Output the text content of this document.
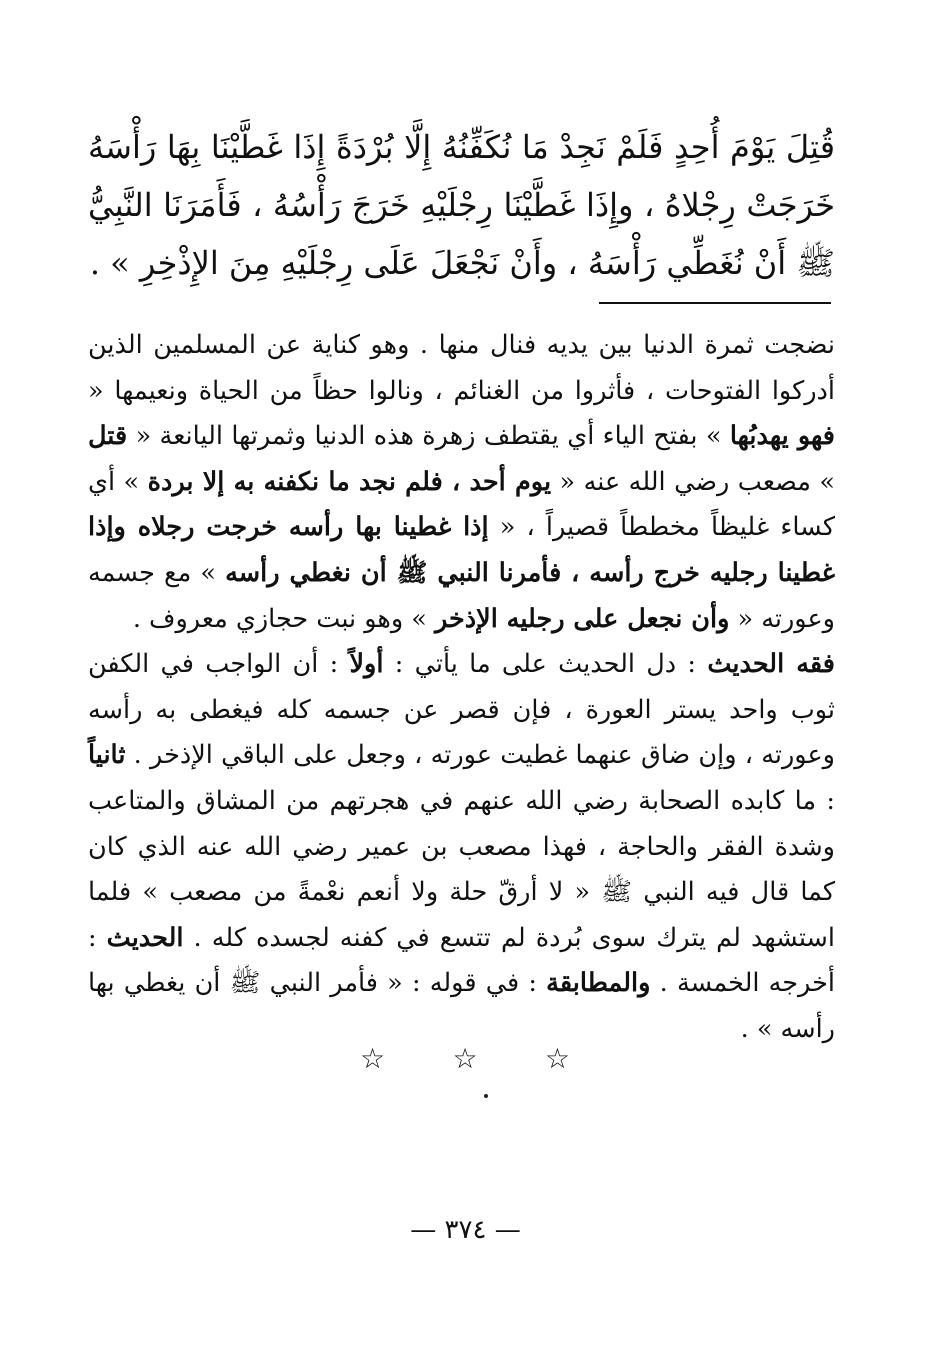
قُتِلَ يَوْمَ أُحِدٍ فَلَمْ نَجِدْ مَا نُكَفِّنُهُ إِلَّا بُرْدَةً إِذَا غَطَّيْنَا بِهَا رَأْسَهُ خَرَجَتْ رِجْلاهُ ، وإِذَا غَطَّيْنَا رِجْلَيْهِ خَرَجَ رَأْسُهُ ، فَأَمَرَنَا النَّبِيُّ ﷺ أَنْ نُغَطِّي رَأْسَهُ ، وأَنْ نَجْعَلَ عَلَى رِجْلَيْهِ مِنَ الإِذْخِرِ » .

نضجت ثمرة الدنيا بين يديه فنال منها . وهو كناية عن المسلمين الذين أدركوا الفتوحات ، فأثروا من الغنائم ، ونالوا حظاً من الحياة ونعيمها « فهو يهدبُها » بفتح الياء أي يقتطف زهرة هذه الدنيا وثمرتها اليانعة « قتل » مصعب رضي الله عنه « يوم أحد ، فلم نجد ما نكفنه به إلا بردة » أي كساء غليظاً مخططاً قصيراً ، « إذا غطينا بها رأسه خرجت رجلاه وإذا غطينا رجليه خرج رأسه ، فأمرنا النبي ﷺ أن نغطي رأسه » مع جسمه وعورته « وأن نجعل على رجليه الإذخر » وهو نبت حجازي معروف .

فقه الحديث : دل الحديث على ما يأتي : أولاً : أن الواجب في الكفن ثوب واحد يستر العورة ، فإن قصر عن جسمه كله فيغطى به رأسه وعورته ، وإن ضاق عنهما غطيت عورته ، وجعل على الباقي الإذخر . ثانياً : ما كابده الصحابة رضي الله عنهم في هجرتهم من المشاق والمتاعب وشدة الفقر والحاجة ، فهذا مصعب بن عمير رضي الله عنه الذي كان كما قال فيه النبي ﷺ « لا أرقّ حلة ولا أنعم نعْمةً من مصعب » فلما استشهد لم يترك سوى بُردة لم تتسع في كفنه لجسده كله . الحديث : أخرجه الخمسة . والمطابقة : في قوله : « فأمر النبي ﷺ أن يغطي بها رأسه » .

☆ ☆ ☆
— ٣٧٤ —
